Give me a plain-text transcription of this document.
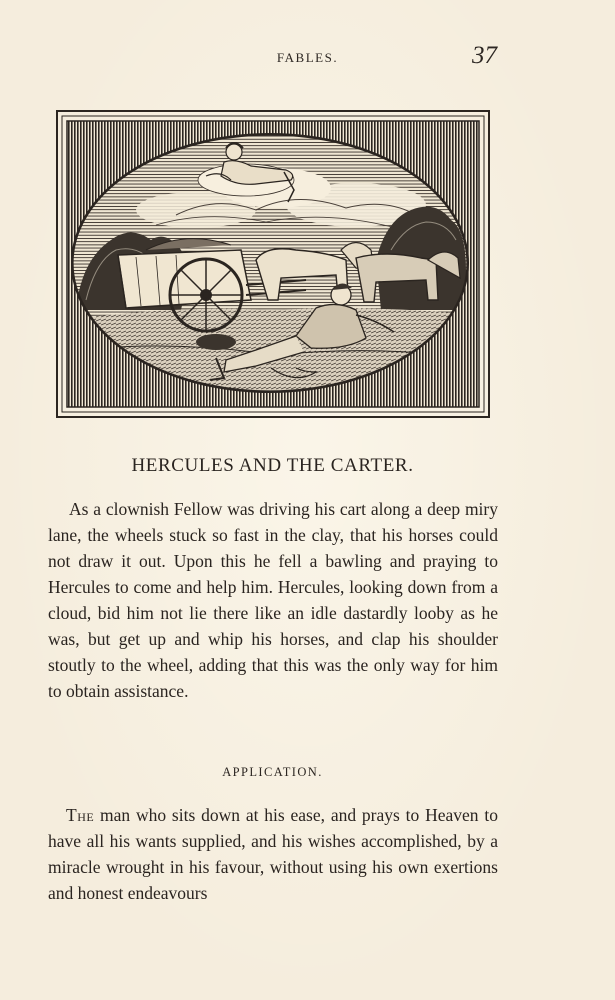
FABLES.	37
HERCULES AND THE CARTER.
As a clownish Fellow was driving his cart along a deep miry lane, the wheels stuck so fast in the clay, that his horses could not draw it out. Upon this he fell a bawling and praying to Hercules to come and help him. Hercules, looking down from a cloud, bid him not lie there like an idle dastardly looby as he was, but get up and whip his horses, and clap his shoulder stoutly to the wheel, adding that this was the only way for him to obtain assistance.
APPLICATION.
The man who sits down at his ease, and prays to Heaven to have all his wants supplied, and his wishes accomplished, by a miracle wrought in his favour, without using his own exertions and honest endeavours
